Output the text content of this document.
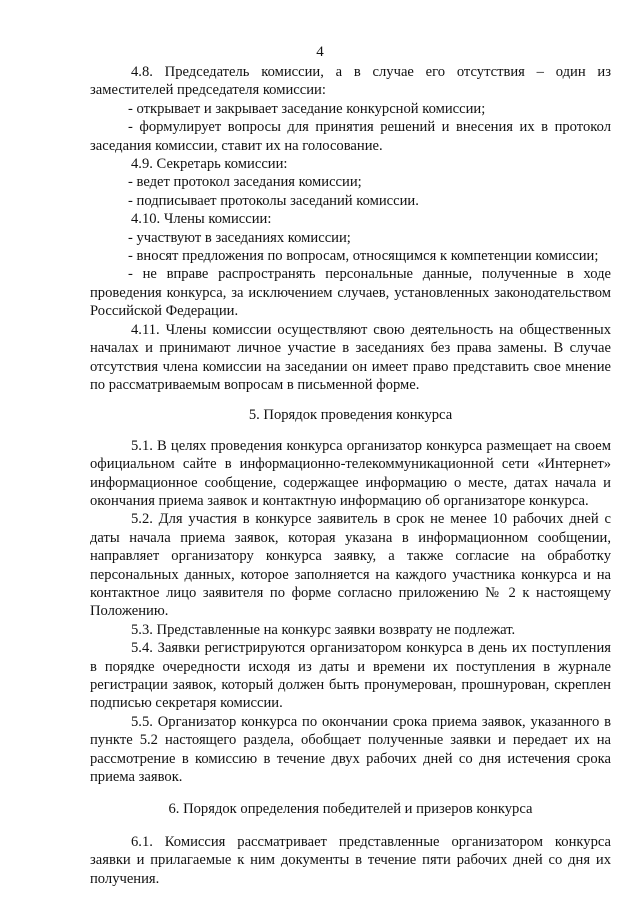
4

4.8. Председатель комиссии, а в случае его отсутствия – один из заместителей председателя комиссии:

- открывает и закрывает заседание конкурсной комиссии;

- формулирует вопросы для принятия решений и внесения их в протокол заседания комиссии, ставит их на голосование.

4.9. Секретарь комиссии:

- ведет протокол заседания комиссии;

- подписывает протоколы заседаний комиссии.

4.10. Члены комиссии:

- участвуют в заседаниях комиссии;

- вносят предложения по вопросам, относящимся к компетенции комиссии;

- не вправе распространять персональные данные, полученные в ходе проведения конкурса, за исключением случаев, установленных законодательством Российской Федерации.

4.11. Члены комиссии осуществляют свою деятельность на общественных началах и принимают личное участие в заседаниях без права замены. В случае отсутствия члена комиссии на заседании он имеет право представить свое мнение по рассматриваемым вопросам в письменной форме.

5. Порядок проведения конкурса

5.1. В целях проведения конкурса организатор конкурса размещает на своем официальном сайте в информационно-телекоммуникационной сети «Интернет» информационное сообщение, содержащее информацию о месте, датах начала и окончания приема заявок и контактную информацию об организаторе конкурса.

5.2. Для участия в конкурсе заявитель в срок не менее 10 рабочих дней с даты начала приема заявок, которая указана в информационном сообщении, направляет организатору конкурса заявку, а также согласие на обработку персональных данных, которое заполняется на каждого участника конкурса и на контактное лицо заявителя по форме согласно приложению № 2 к настоящему Положению.

5.3. Представленные на конкурс заявки возврату не подлежат.

5.4. Заявки регистрируются организатором конкурса в день их поступления в порядке очередности исходя из даты и времени их поступления в журнале регистрации заявок, который должен быть пронумерован, прошнурован, скреплен подписью секретаря комиссии.

5.5. Организатор конкурса по окончании срока приема заявок, указанного в пункте 5.2 настоящего раздела, обобщает полученные заявки и передает их на рассмотрение в комиссию в течение двух рабочих дней со дня истечения срока приема заявок.

6. Порядок определения победителей и призеров конкурса

6.1. Комиссия рассматривает представленные организатором конкурса заявки и прилагаемые к ним документы в течение пяти рабочих дней со дня их получения.
